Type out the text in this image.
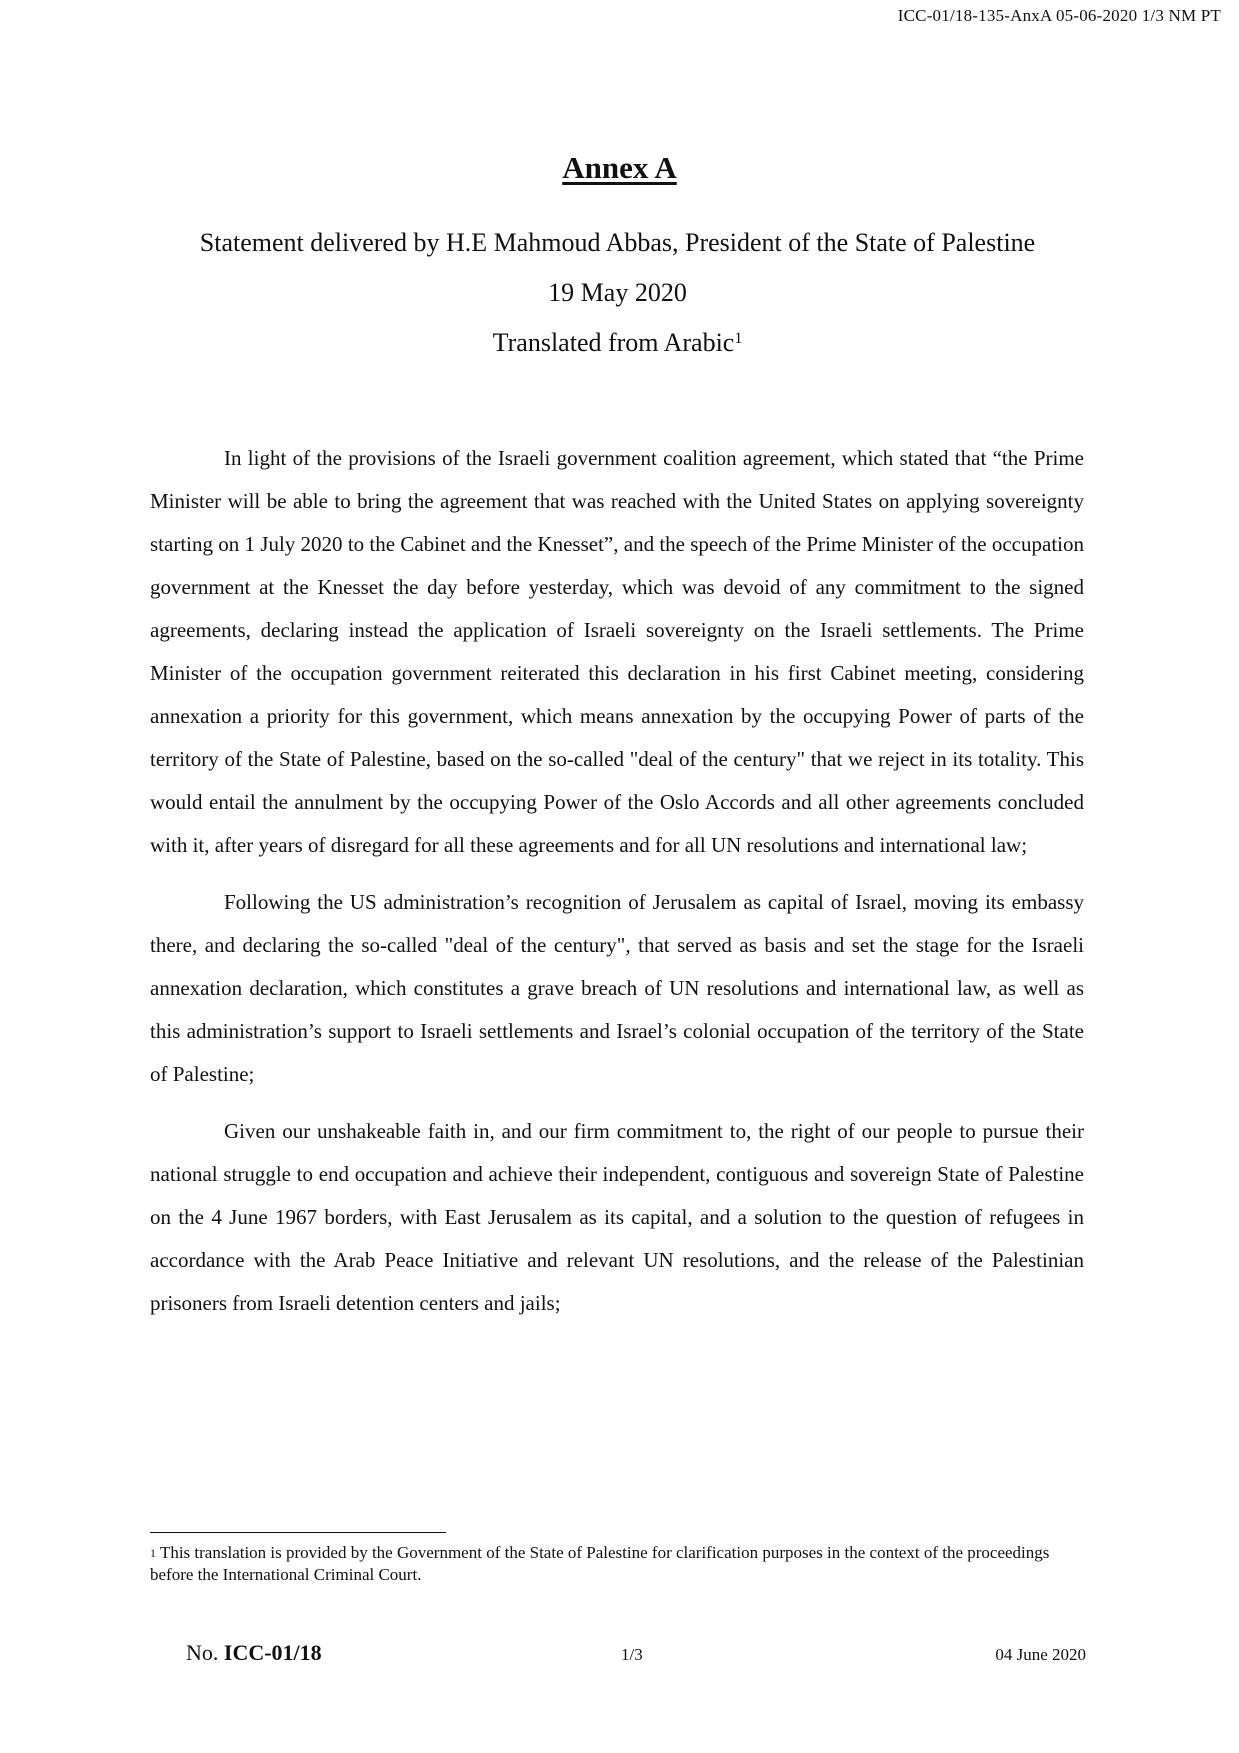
ICC-01/18-135-AnxA 05-06-2020 1/3 NM PT
Annex A
Statement delivered by H.E Mahmoud Abbas, President of the State of Palestine
19 May 2020
Translated from Arabic$^1$

In light of the provisions of the Israeli government coalition agreement, which stated that “the Prime Minister will be able to bring the agreement that was reached with the United States on applying sovereignty starting on 1 July 2020 to the Cabinet and the Knesset”, and the speech of the Prime Minister of the occupation government at the Knesset the day before yesterday, which was devoid of any commitment to the signed agreements, declaring instead the application of Israeli sovereignty on the Israeli settlements. The Prime Minister of the occupation government reiterated this declaration in his first Cabinet meeting, considering annexation a priority for this government, which means annexation by the occupying Power of parts of the territory of the State of Palestine, based on the so-called "deal of the century" that we reject in its totality. This would entail the annulment by the occupying Power of the Oslo Accords and all other agreements concluded with it, after years of disregard for all these agreements and for all UN resolutions and international law;

Following the US administration’s recognition of Jerusalem as capital of Israel, moving its embassy there, and declaring the so-called "deal of the century", that served as basis and set the stage for the Israeli annexation declaration, which constitutes a grave breach of UN resolutions and international law, as well as this administration’s support to Israeli settlements and Israel’s colonial occupation of the territory of the State of Palestine;

Given our unshakeable faith in, and our firm commitment to, the right of our people to pursue their national struggle to end occupation and achieve their independent, contiguous and sovereign State of Palestine on the 4 June 1967 borders, with East Jerusalem as its capital, and a solution to the question of refugees in accordance with the Arab Peace Initiative and relevant UN resolutions, and the release of the Palestinian prisoners from Israeli detention centers and jails;

$^1$ This translation is provided by the Government of the State of Palestine for clarification purposes in the context of the proceedings before the International Criminal Court.
No. ICC-01/18	1/3	04 June 2020
